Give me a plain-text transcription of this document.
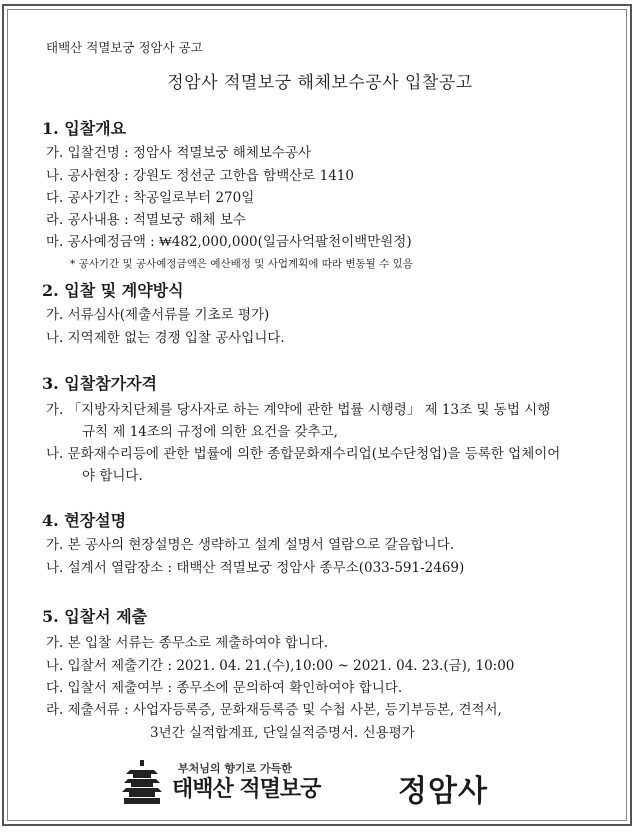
태백산 적멸보궁 정암사 공고
정암사 적멸보궁 해체보수공사 입찰공고
1. 입찰개요
가. 입찰건명 : 정암사 적멸보궁 해체보수공사
나. 공사현장 : 강원도 정선군 고한읍 함백산로 1410
다. 공사기간 : 착공일로부터 270일
라. 공사내용 : 적멸보궁 해체 보수
마. 공사예정금액 : ₩482,000,000(일금사억팔천이백만원정)
* 공사기간 및 공사예정금액은 예산배정 및 사업계획에 따라 변동될 수 있음
2. 입찰 및 계약방식
가. 서류심사(제출서류를 기초로 평가)
나. 지역제한 없는 경쟁 입찰 공사입니다.
3. 입찰참가자격
가. 「지방자치단체를 당사자로 하는 계약에 관한 법률 시행령」 제 13조 및 동법 시행
규칙 제 14조의 규정에 의한 요건을 갖추고,
나. 문화재수리등에 관한 법률에 의한 종합문화재수리업(보수단청업)을 등록한 업체이어
야 합니다.
4. 현장설명
가. 본 공사의 현장설명은 생략하고 설계 설명서 열람으로 갈음합니다.
나. 설계서 열람장소 : 태백산 적멸보궁 정암사 종무소(033-591-2469)
5. 입찰서 제출
가. 본 입찰 서류는 종무소로 제출하여야 합니다.
나. 입찰서 제출기간 : 2021. 04. 21.(수),10:00 ~ 2021. 04. 23.(금), 10:00
다. 입찰서 제출여부 : 종무소에 문의하여 확인하여야 합니다.
라. 제출서류 : 사업자등록증, 문화재등록증 및 수첩 사본, 등기부등본, 견적서,
3년간 실적합계표, 단일실적증명서. 신용평가
부처님의 향기로 가득한
태백산 적멸보궁	정암사
